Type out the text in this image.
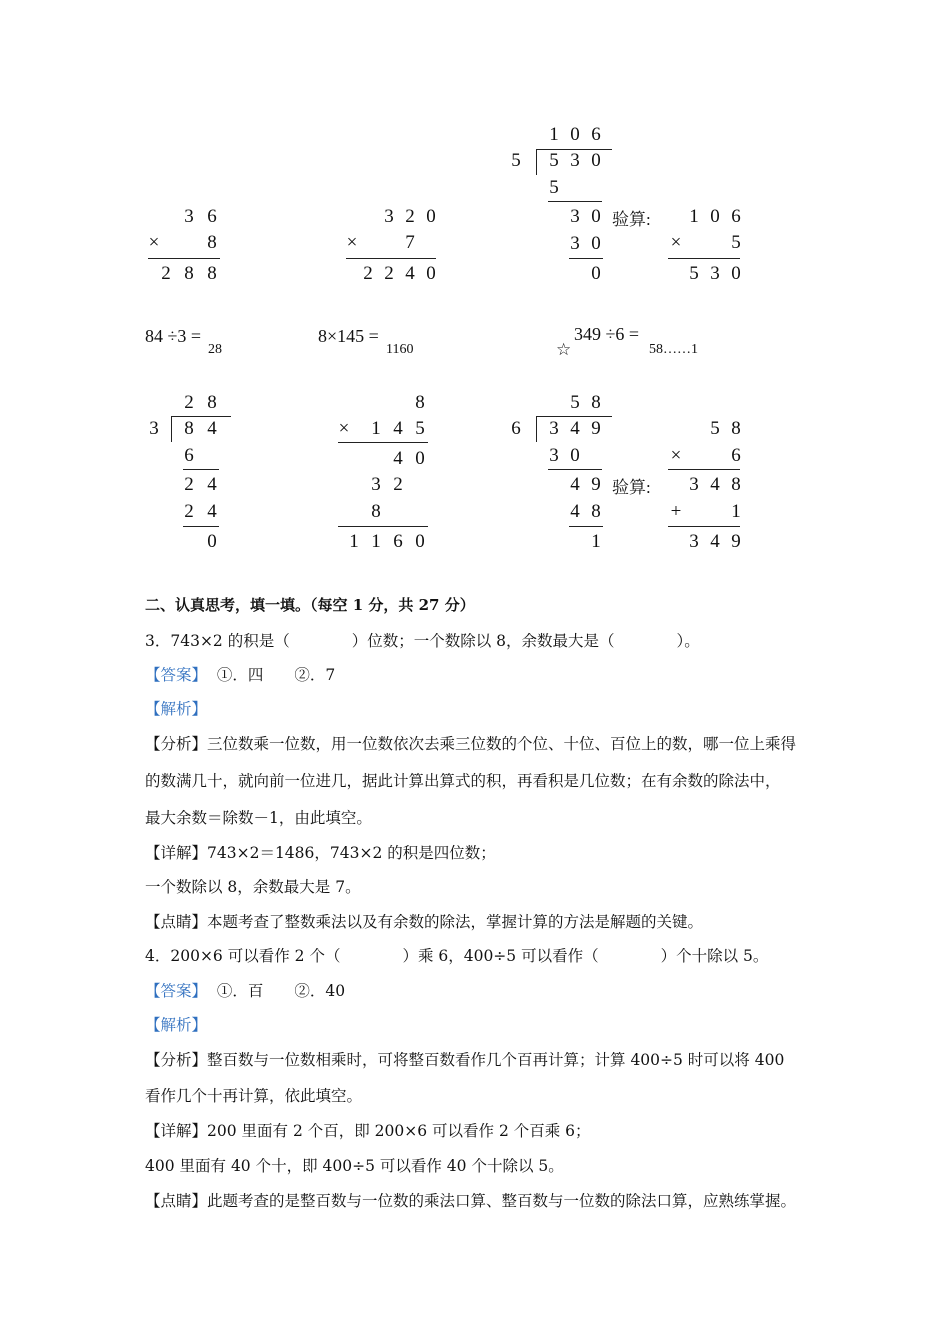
3 6
×	8
2 8 8
3 2 0
×	7
2 2 4 0
1 0 6
5 5 3 0
5
3 0
3 0
0
验算: 1 0 6
×	5
5 3 0
84 ÷3 =
28
8×145 =
1160	☆
349 ÷6 =
58……1
2 8
3 8 4
6
2 4
2 4
0
8
× 1 4 5
4 0
3 2
8
1 1 6 0
5 8
6 3 4 9
3 0
4 9
4 8
1
验算:
5 8
×	6
3 4 8
+	1
3 4 9
二、认真思考，填一填。（每空 1 分，共 27 分）
3．743×2 的积是（　　　　）位数；一个数除以 8，余数最大是（　　　　）。
【答案】  ①．四　　②．7
【解析】
【分析】三位数乘一位数，用一位数依次去乘三位数的个位、十位、百位上的数，哪一位上乘得
的数满几十，就向前一位进几，据此计算出算式的积，再看积是几位数；在有余数的除法中，
最大余数＝除数－1，由此填空。
【详解】743×2＝1486，743×2 的积是四位数；
一个数除以 8，余数最大是 7。
【点睛】本题考查了整数乘法以及有余数的除法，掌握计算的方法是解题的关键。
4．200×6 可以看作 2 个（　　　　）乘 6，400÷5 可以看作（　　　　）个十除以 5。
【答案】  ①．百　　②．40
【解析】
【分析】整百数与一位数相乘时，可将整百数看作几个百再计算；计算 400÷5 时可以将 400
看作几个十再计算，依此填空。
【详解】200 里面有 2 个百，即 200×6 可以看作 2 个百乘 6；
400 里面有 40 个十，即 400÷5 可以看作 40 个十除以 5。
【点睛】此题考查的是整百数与一位数的乘法口算、整百数与一位数的除法口算，应熟练掌握。
